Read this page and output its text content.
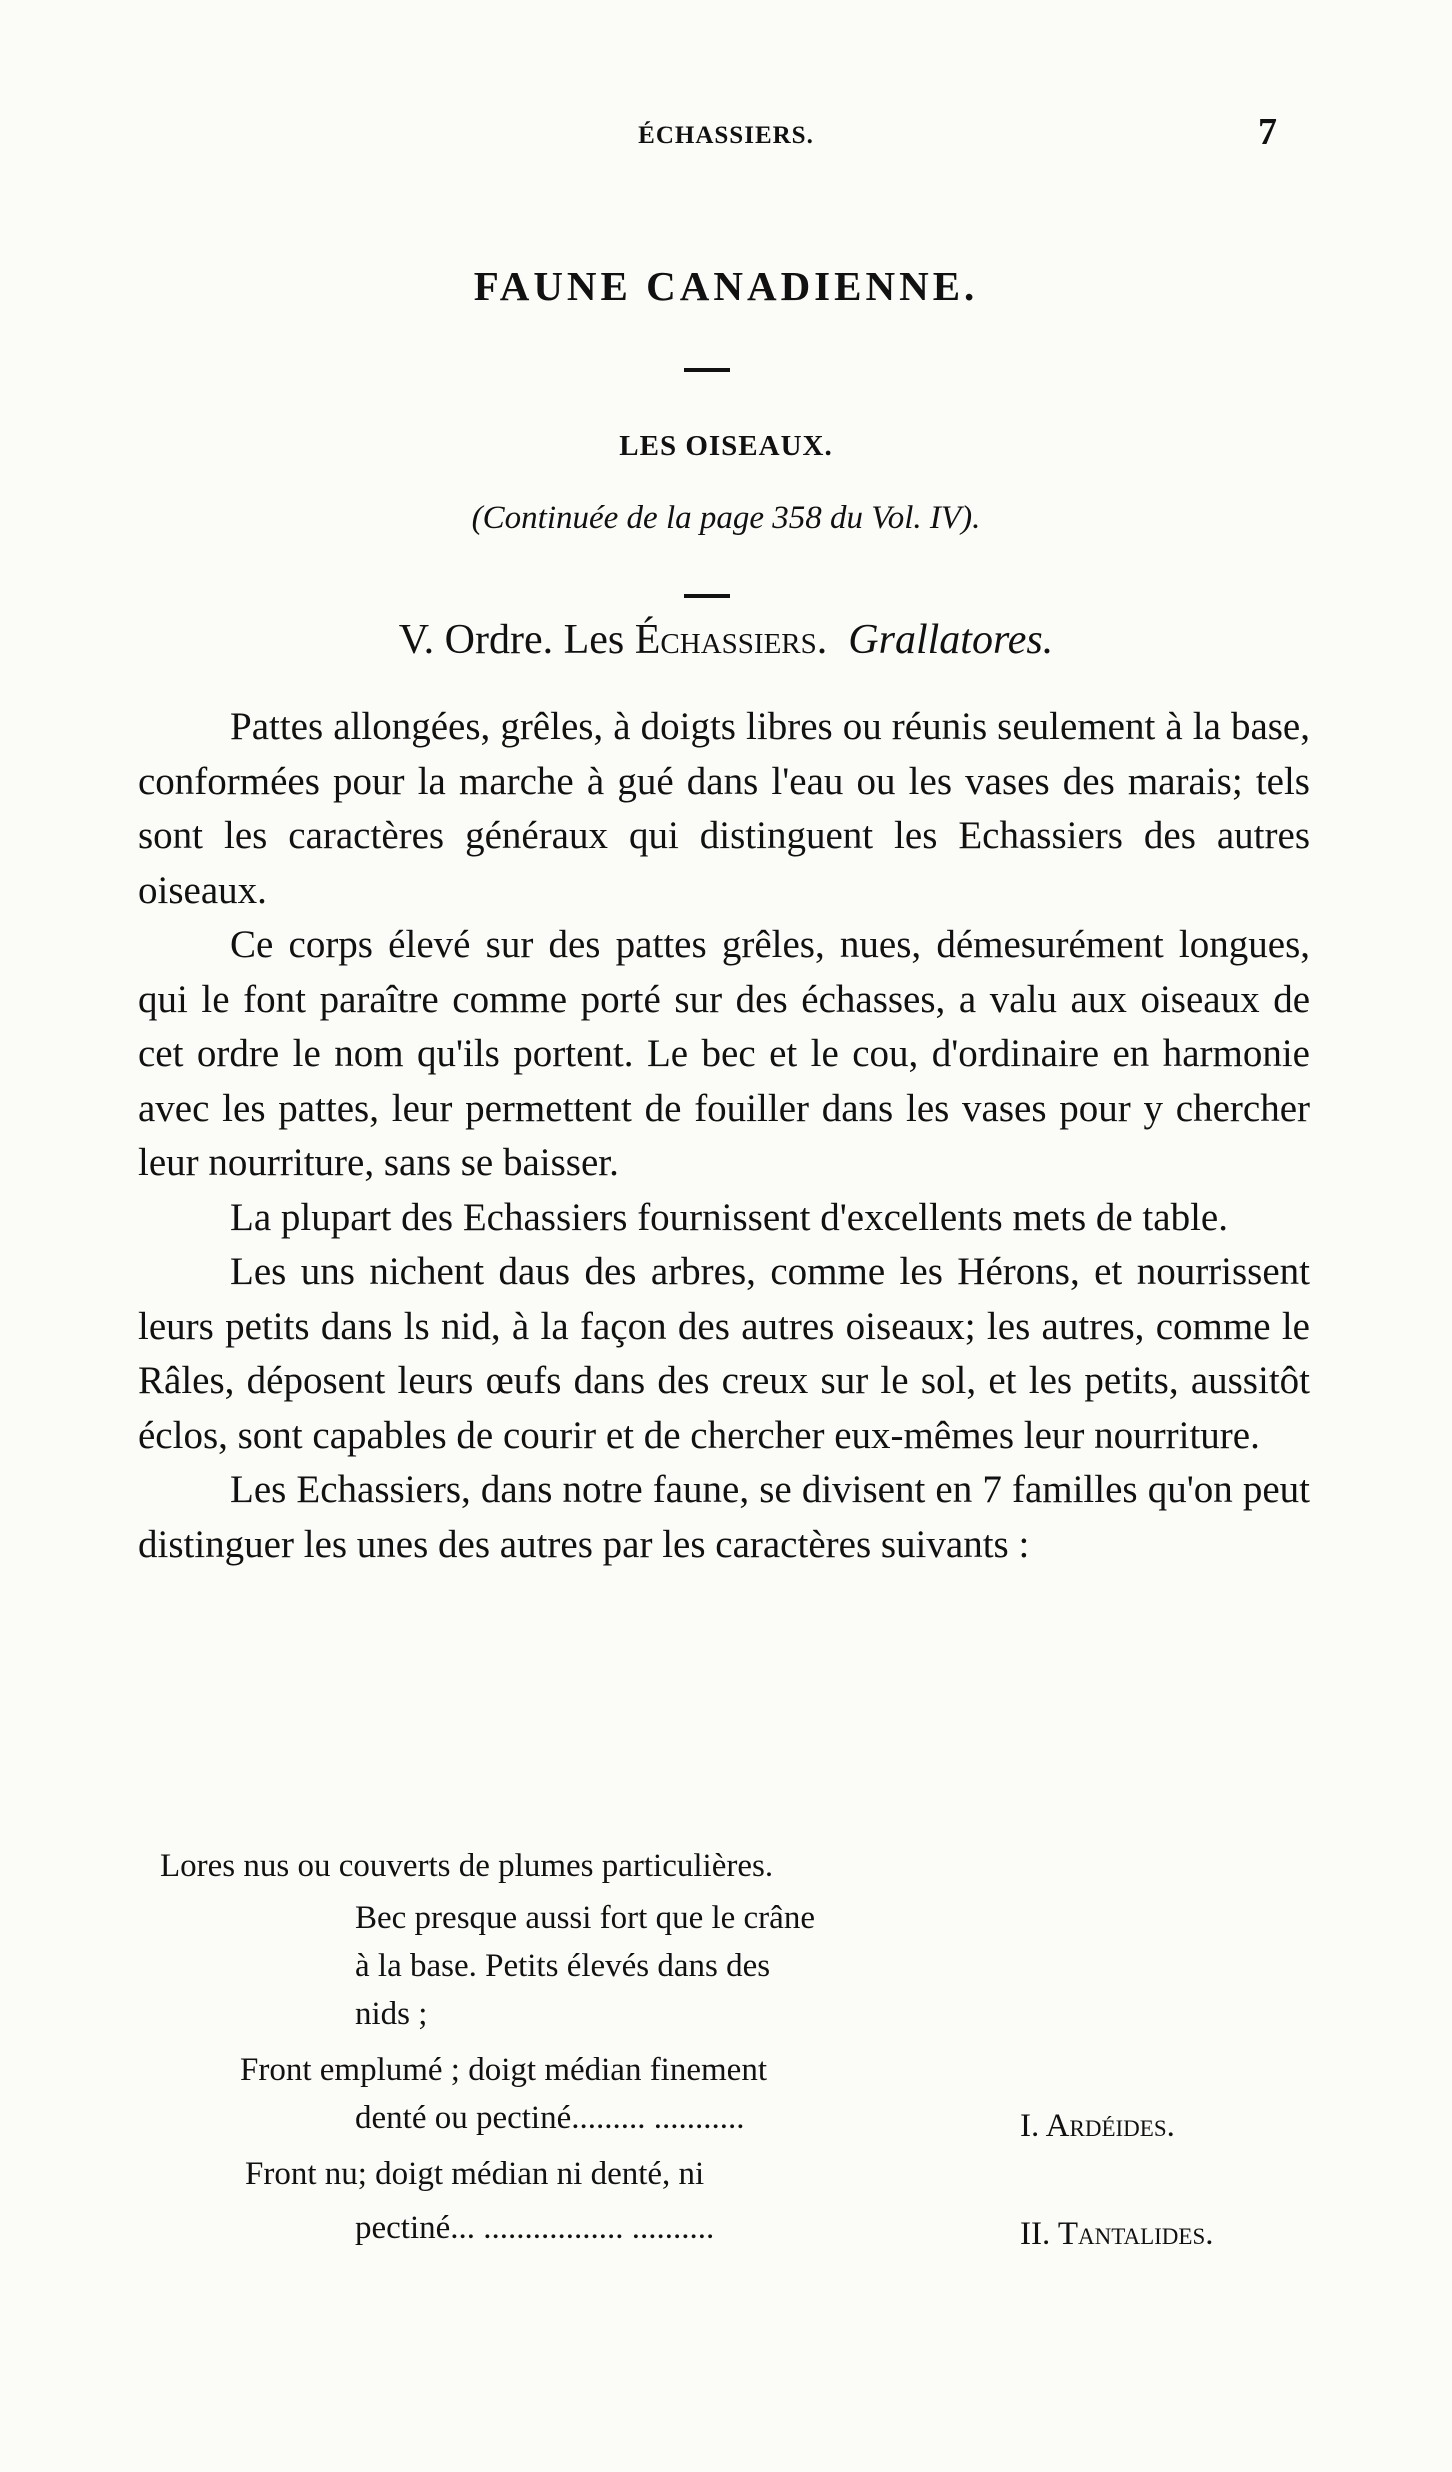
ÉCHASSIERS.	7
FAUNE CANADIENNE.
LES OISEAUX.
(Continuée de la page 358 du Vol. IV).
V. Ordre. Les Échassiers. Grallatores.

Pattes allongées, grêles, à doigts libres ou réunis seulement à la base, conformées pour la marche à gué dans l'eau ou les vases des marais; tels sont les caractères généraux qui distinguent les Echassiers des autres oiseaux.

Ce corps élevé sur des pattes grêles, nues, démesurément longues, qui le font paraître comme porté sur des échasses, a valu aux oiseaux de cet ordre le nom qu'ils portent. Le bec et le cou, d'ordinaire en harmonie avec les pattes, leur permettent de fouiller dans les vases pour y chercher leur nourriture, sans se baisser.

La plupart des Echassiers fournissent d'excellents mets de table.

Les uns nichent daus des arbres, comme les Hérons, et nourrissent leurs petits dans ls nid, à la façon des autres oiseaux; les autres, comme le Râles, déposent leurs œufs dans des creux sur le sol, et les petits, aussitôt éclos, sont capables de courir et de chercher eux-mêmes leur nourriture.

Les Echassiers, dans notre faune, se divisent en 7 familles qu'on peut distinguer les unes des autres par les caractères suivants :

Lores nus ou couverts de plumes particulières.
Bec presque aussi fort que le crâne
à la base. Petits élevés dans des
nids ;
Front emplumé ; doigt médian finement
denté ou pectiné......... ...........	I. Ardéides.
Front nu; doigt médian ni denté, ni
pectiné... ................. ..........	II. Tantalides.
